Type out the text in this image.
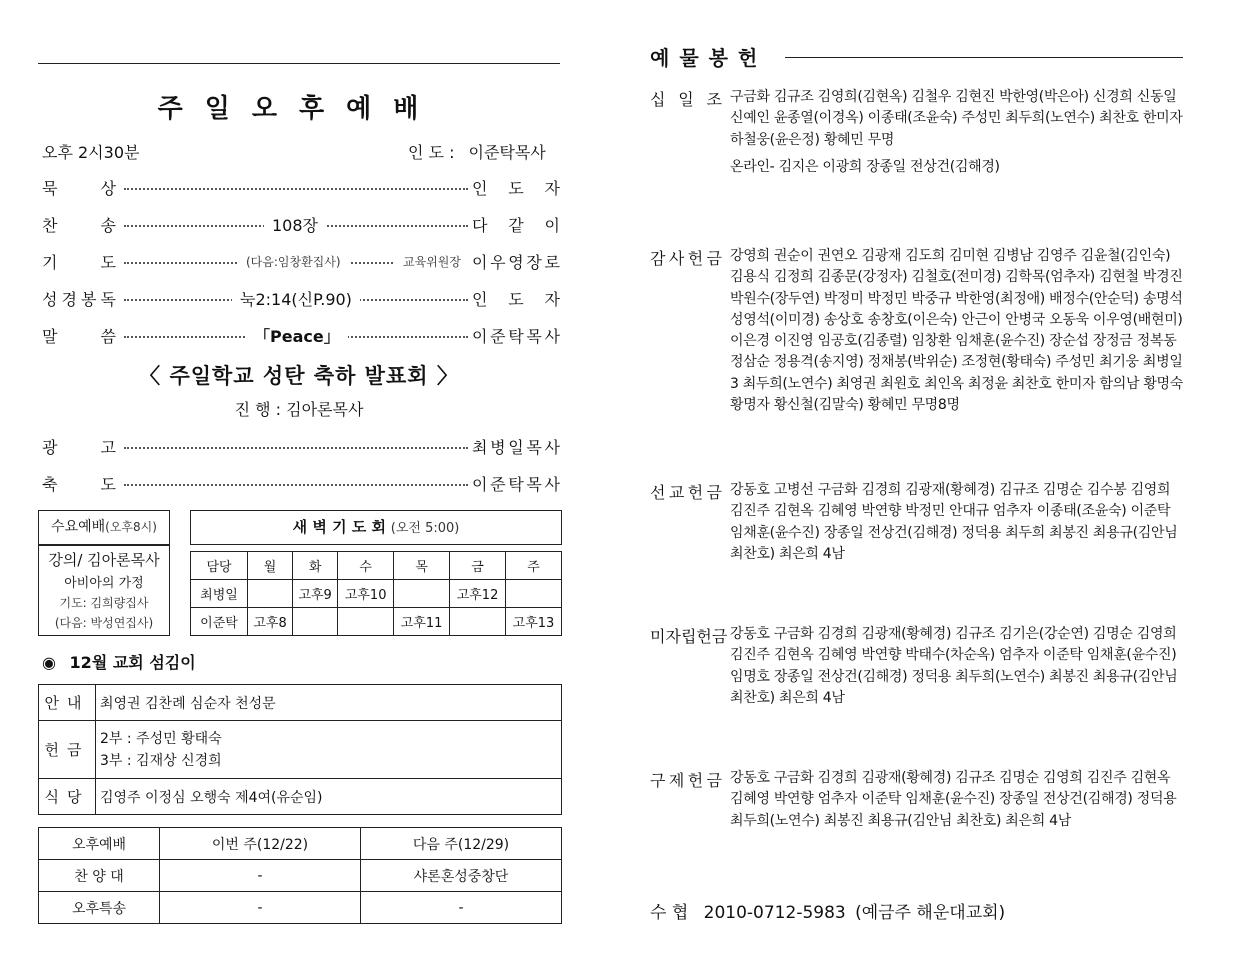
주일오후예배
오후 2시30분	인 도 : 이준탁목사
묵	상	인 도 자
찬	송	108장	다 같 이
기	도	(다음:임창환집사)	교육위원장 이 우 영 장 로
성 경 봉 독	눅2:14(신P.90)	인 도 자
말	씀	「Peace」	이 준 탁 목 사
〈 주일학교 성탄 축하 발표회 〉
진 행 : 김아론목사
광	고	최 병 일 목 사
축	도	이 준 탁 목 사
수요예배(오후8시)
강의/ 김아론목사
아비아의 가정
기도: 김희량집사
(다음: 박성연집사)
새 벽 기 도 회 (오전 5:00)
담당	월	화	수	목	금	주
최병일		고후9	고후10		고후12	
이준탁	고후8			고후11		고후13
◉ 12월 교회 섬김이
안내	최영권 김찬례 심순자 천성문
헌금	2부 : 주성민 황태숙
3부 : 김재상 신경희

식당	김영주 이정심 오행숙 제4여(유순임)
오후예배	이번 주(12/22)	다음 주(12/29)
찬 양 대	-	샤론혼성중창단
오후특송	-	-
예물봉헌
십 일 조 구금화 김규조 김영희(김현옥) 김철우 김현진 박한영(박은아) 신경희 신동일 신예인 윤종열(이경옥) 이종태(조윤숙) 주성민 최두희(노연수) 최찬호 한미자 하철웅(윤은정) 황혜민 무명
온라인- 김지은 이광희 장종일 전상건(김해경)
감 사 헌 금 강영희 권순이 권연오 김광재 김도희 김미현 김병남 김영주 김윤철(김인숙) 김용식 김정희 김종문(강정자) 김철호(전미경) 김학목(엄추자) 김현철 박경진 박원수(장두연) 박정미 박정민 박중규 박한영(최정애) 배정수(안순덕) 송명석 성영석(이미경) 송상호 송창호(이은숙) 안근이 안병국 오동욱 이우영(배현미) 이은경 이진영 임공호(김종렬) 임창환 임채훈(윤수진) 장순섭 장정금 정복동 정삼순 정용격(송지영) 정채봉(박위순) 조정현(황태숙) 주성민 최기웅 최병일3 최두희(노연수) 최영권 최원호 최인옥 최정윤 최찬호 한미자 함의남 황명숙 황명자 황신철(김말숙) 황혜민 무명8명
선 교 헌 금 강동호 고병선 구금화 김경희 김광재(황혜경) 김규조 김명순 김수봉 김영희 김진주 김현옥 김혜영 박연향 박정민 안대규 엄추자 이종태(조윤숙) 이준탁 임채훈(윤수진) 장종일 전상건(김해경) 정덕용 최두희 최봉진 최용규(김안님 최찬호) 최은희 4남
미 자 립 헌 금 강동호 구금화 김경희 김광재(황혜경) 김규조 김기은(강순연) 김명순 김영희 김진주 김현옥 김혜영 박연향 박태수(차순옥) 엄추자 이준탁 임채훈(윤수진) 임명호 장종일 전상건(김해경) 정덕용 최두희(노연수) 최봉진 최용규(김안님 최찬호) 최은희 4남
구 제 헌 금 강동호 구금화 김경희 김광재(황혜경) 김규조 김명순 김영희 김진주 김현옥 김혜영 박연향 엄추자 이준탁 임채훈(윤수진) 장종일 전상건(김해경) 정덕용 최두희(노연수) 최봉진 최용규(김안님 최찬호) 최은희 4남
수 협 2010-0712-5983 (예금주 해운대교회)
